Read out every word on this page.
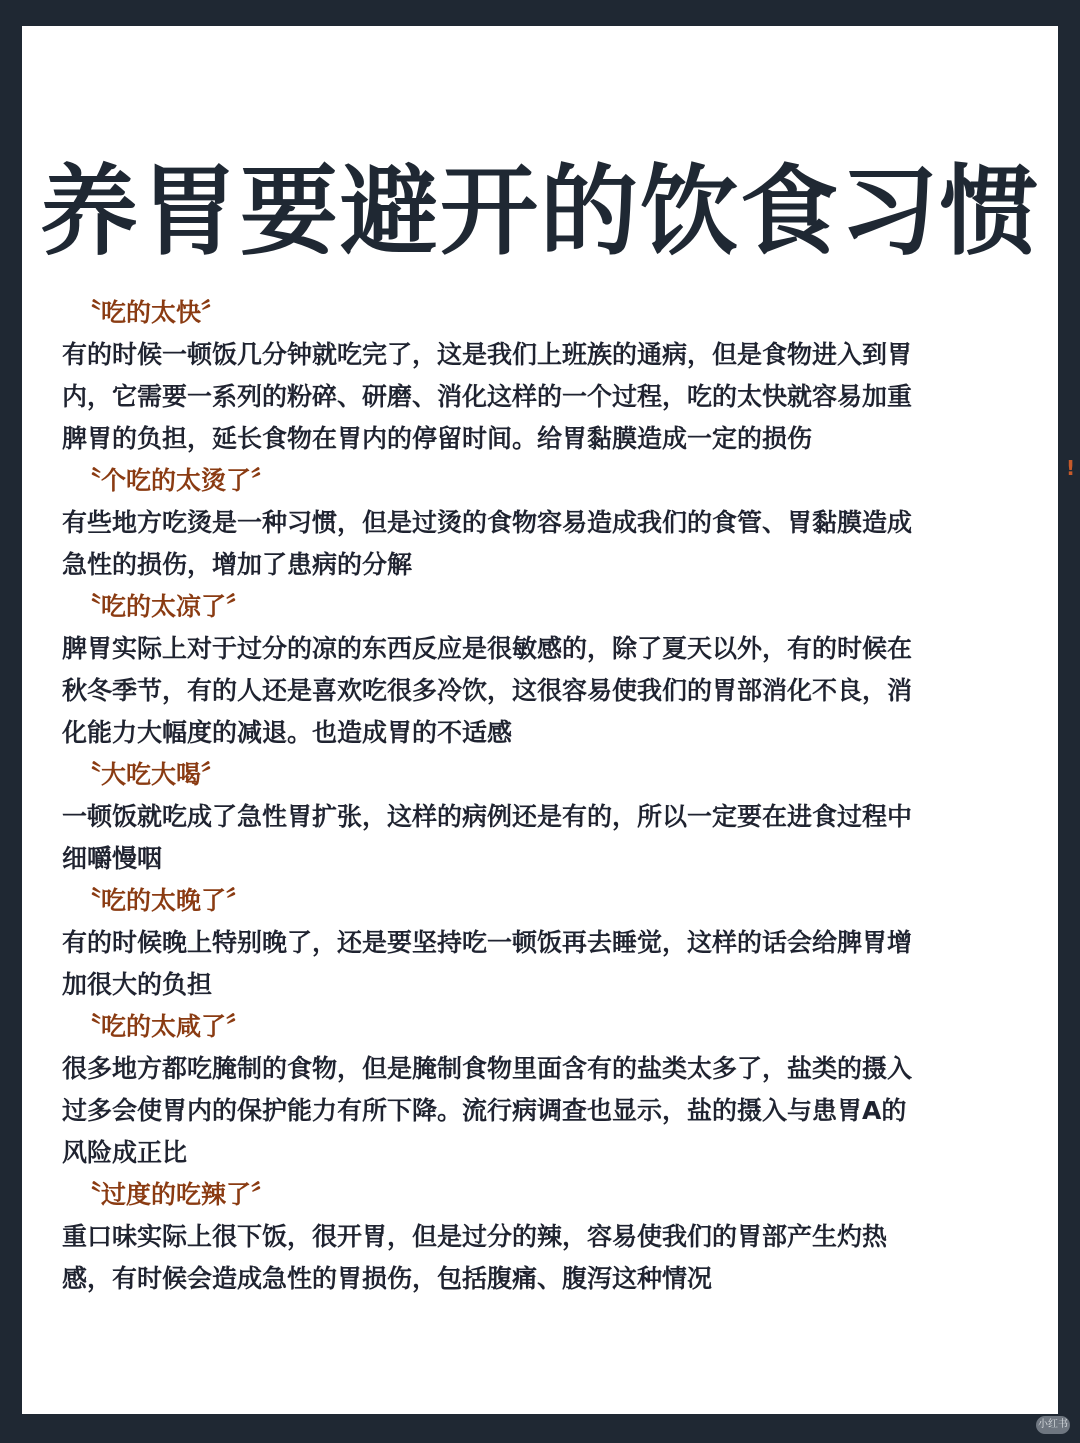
养胃要避开的饮食习惯
〝吃的太快〞

有的时候一顿饭几分钟就吃完了，这是我们上班族的通病，但是食物进入到胃
内，它需要一系列的粉碎、研磨、消化这样的一个过程，吃的太快就容易加重
脾胃的负担，延长食物在胃内的停留时间。给胃黏膜造成一定的损伤

〝个吃的太烫了〞

有些地方吃烫是一种习惯，但是过烫的食物容易造成我们的食管、胃黏膜造成
急性的损伤，增加了患病的分解

〝吃的太凉了〞

脾胃实际上对于过分的凉的东西反应是很敏感的，除了夏天以外，有的时候在
秋冬季节，有的人还是喜欢吃很多冷饮，这很容易使我们的胃部消化不良，消
化能力大幅度的减退。也造成胃的不适感

〝大吃大喝〞

一顿饭就吃成了急性胃扩张，这样的病例还是有的，所以一定要在进食过程中
细嚼慢咽

〝吃的太晚了〞

有的时候晚上特别晚了，还是要坚持吃一顿饭再去睡觉，这样的话会给脾胃增
加很大的负担

〝吃的太咸了〞

很多地方都吃腌制的食物，但是腌制食物里面含有的盐类太多了，盐类的摄入
过多会使胃内的保护能力有所下降。流行病调查也显示，盐的摄入与患胃A的
风险成正比

〝过度的吃辣了〞

重口味实际上很下饭，很开胃，但是过分的辣，容易使我们的胃部产生灼热
感，有时候会造成急性的胃损伤，包括腹痛、腹泻这种情况

!
小红书
